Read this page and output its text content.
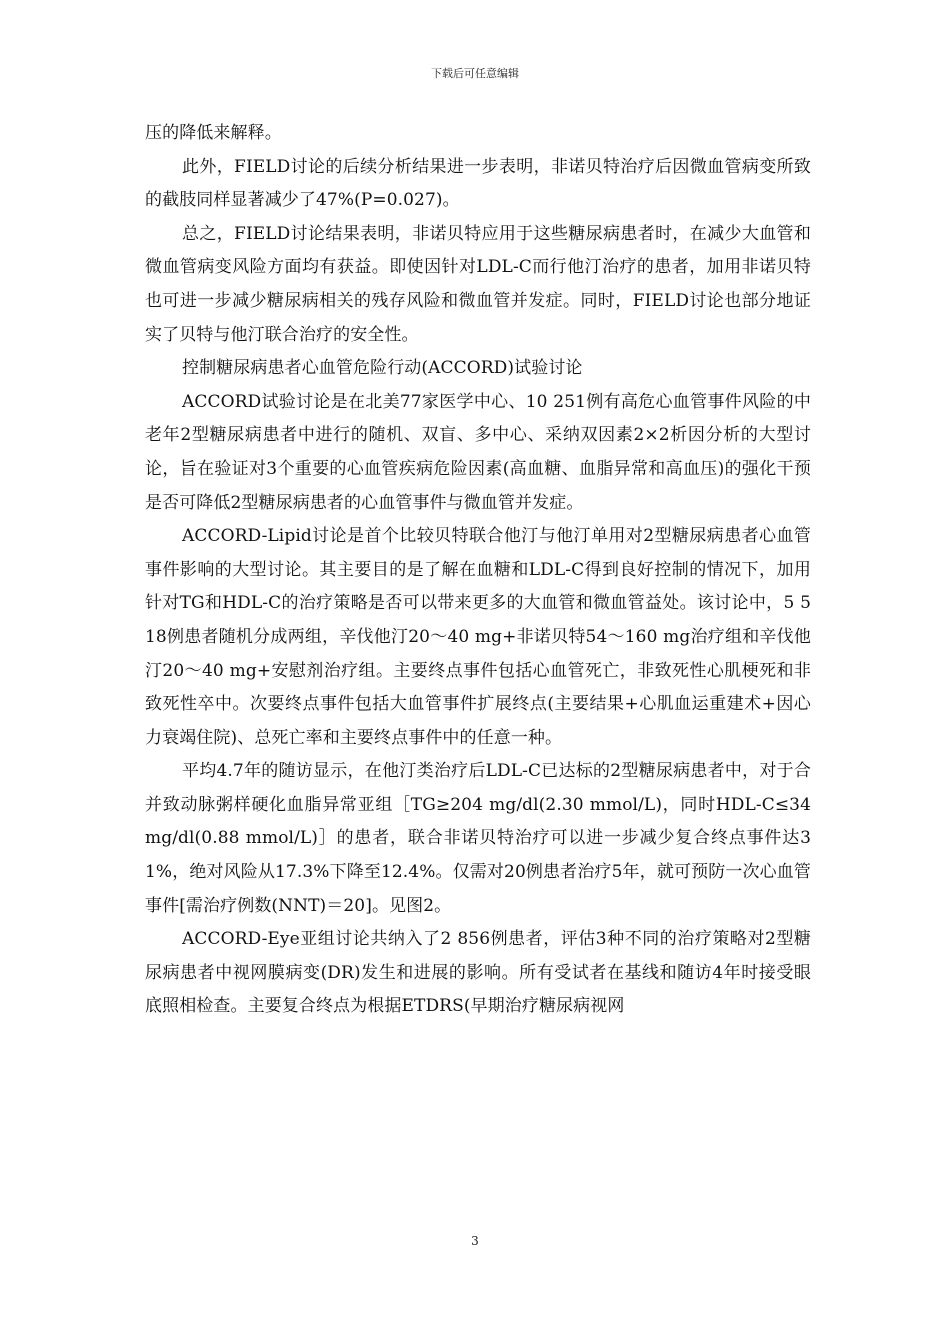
下载后可任意编辑

压的降低来解释。

此外，FIELD讨论的后续分析结果进一步表明，非诺贝特治疗后因微血管病变所致的截肢同样显著减少了47%(P=0.027)。

总之，FIELD讨论结果表明，非诺贝特应用于这些糖尿病患者时，在减少大血管和微血管病变风险方面均有获益。即使因针对LDL-C而行他汀治疗的患者，加用非诺贝特也可进一步减少糖尿病相关的残存风险和微血管并发症。同时，FIELD讨论也部分地证实了贝特与他汀联合治疗的安全性。

控制糖尿病患者心血管危险行动(ACCORD)试验讨论

ACCORD试验讨论是在北美77家医学中心、10 251例有高危心血管事件风险的中老年2型糖尿病患者中进行的随机、双盲、多中心、采纳双因素2×2析因分析的大型讨论，旨在验证对3个重要的心血管疾病危险因素(高血糖、血脂异常和高血压)的强化干预是否可降低2型糖尿病患者的心血管事件与微血管并发症。

ACCORD-Lipid讨论是首个比较贝特联合他汀与他汀单用对2型糖尿病患者心血管事件影响的大型讨论。其主要目的是了解在血糖和LDL-C得到良好控制的情况下，加用针对TG和HDL-C的治疗策略是否可以带来更多的大血管和微血管益处。该讨论中，5 518例患者随机分成两组，辛伐他汀20～40 mg+非诺贝特54～160 mg治疗组和辛伐他汀20～40 mg+安慰剂治疗组。主要终点事件包括心血管死亡，非致死性心肌梗死和非致死性卒中。次要终点事件包括大血管事件扩展终点(主要结果+心肌血运重建术+因心力衰竭住院)、总死亡率和主要终点事件中的任意一种。

平均4.7年的随访显示，在他汀类治疗后LDL-C已达标的2型糖尿病患者中，对于合并致动脉粥样硬化血脂异常亚组［TG≥204 mg/dl(2.30 mmol/L)，同时HDL-C≤34 mg/dl(0.88 mmol/L)］的患者，联合非诺贝特治疗可以进一步减少复合终点事件达31%，绝对风险从17.3%下降至12.4%。仅需对20例患者治疗5年，就可预防一次心血管事件[需治疗例数(NNT)＝20]。见图2。

ACCORD-Eye亚组讨论共纳入了2 856例患者，评估3种不同的治疗策略对2型糖尿病患者中视网膜病变(DR)发生和进展的影响。所有受试者在基线和随访4年时接受眼底照相检查。主要复合终点为根据ETDRS(早期治疗糖尿病视网

3
